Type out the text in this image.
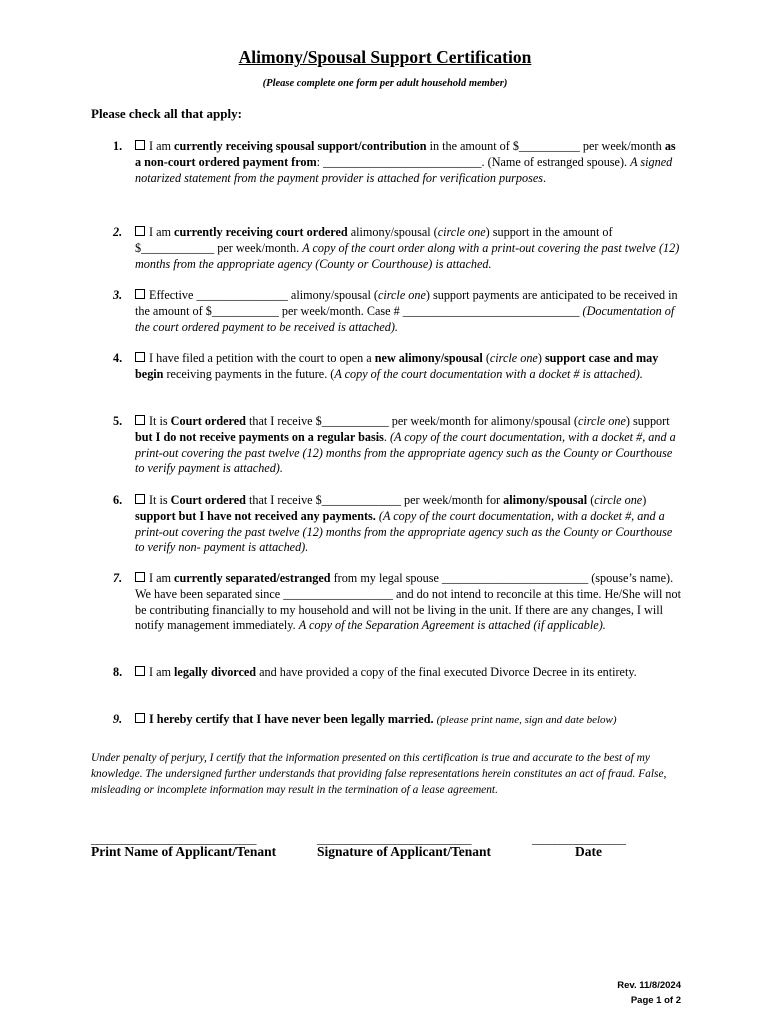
Alimony/Spousal Support Certification
(Please complete one form per adult household member)
Please check all that apply:
1.	I am currently receiving spousal support/contribution in the amount of $__________ per week/month as a non-court ordered payment from: __________________________. (Name of estranged spouse). A signed notarized statement from the payment provider is attached for verification purposes.
2.	I am currently receiving court ordered alimony/spousal (circle one) support in the amount of $____________ per week/month. A copy of the court order along with a print-out covering the past twelve (12) months from the appropriate agency (County or Courthouse) is attached.
3.	Effective _______________ alimony/spousal (circle one) support payments are anticipated to be received in the amount of $___________ per week/month. Case # _____________________________ (Documentation of the court ordered payment to be received is attached).
4.	I have filed a petition with the court to open a new alimony/spousal (circle one) support case and may begin receiving payments in the future. (A copy of the court documentation with a docket # is attached).
5.	It is Court ordered that I receive $___________ per week/month for alimony/spousal (circle one) support but I do not receive payments on a regular basis. (A copy of the court documentation, with a docket #, and a print-out covering the past twelve (12) months from the appropriate agency such as the County or Courthouse to verify payment is attached).
6.	It is Court ordered that I receive $_____________ per week/month for alimony/spousal (circle one) support but I have not received any payments. (A copy of the court documentation, with a docket #, and a print-out covering the past twelve (12) months from the appropriate agency such as the County or Courthouse to verify non- payment is attached).
7.	I am currently separated/estranged from my legal spouse ________________________ (spouse’s name). We have been separated since __________________ and do not intend to reconcile at this time. He/She will not be contributing financially to my household and will not be living in the unit. If there are any changes, I will notify management immediately. A copy of the Separation Agreement is attached (if applicable).
8.	I am legally divorced and have provided a copy of the final executed Divorce Decree in its entirety.
9.	I hereby certify that I have never been legally married. (please print name, sign and date below)
Under penalty of perjury, I certify that the information presented on this certification is true and accurate to the best of my knowledge. The undersigned further understands that providing false representations herein constitutes an act of fraud. False, misleading or incomplete information may result in the termination of a lease agreement.
______________________________	____________________________	_________________
Print Name of Applicant/Tenant	Signature of Applicant/Tenant	Date
Rev. 11/8/2024
Page 1 of 2
